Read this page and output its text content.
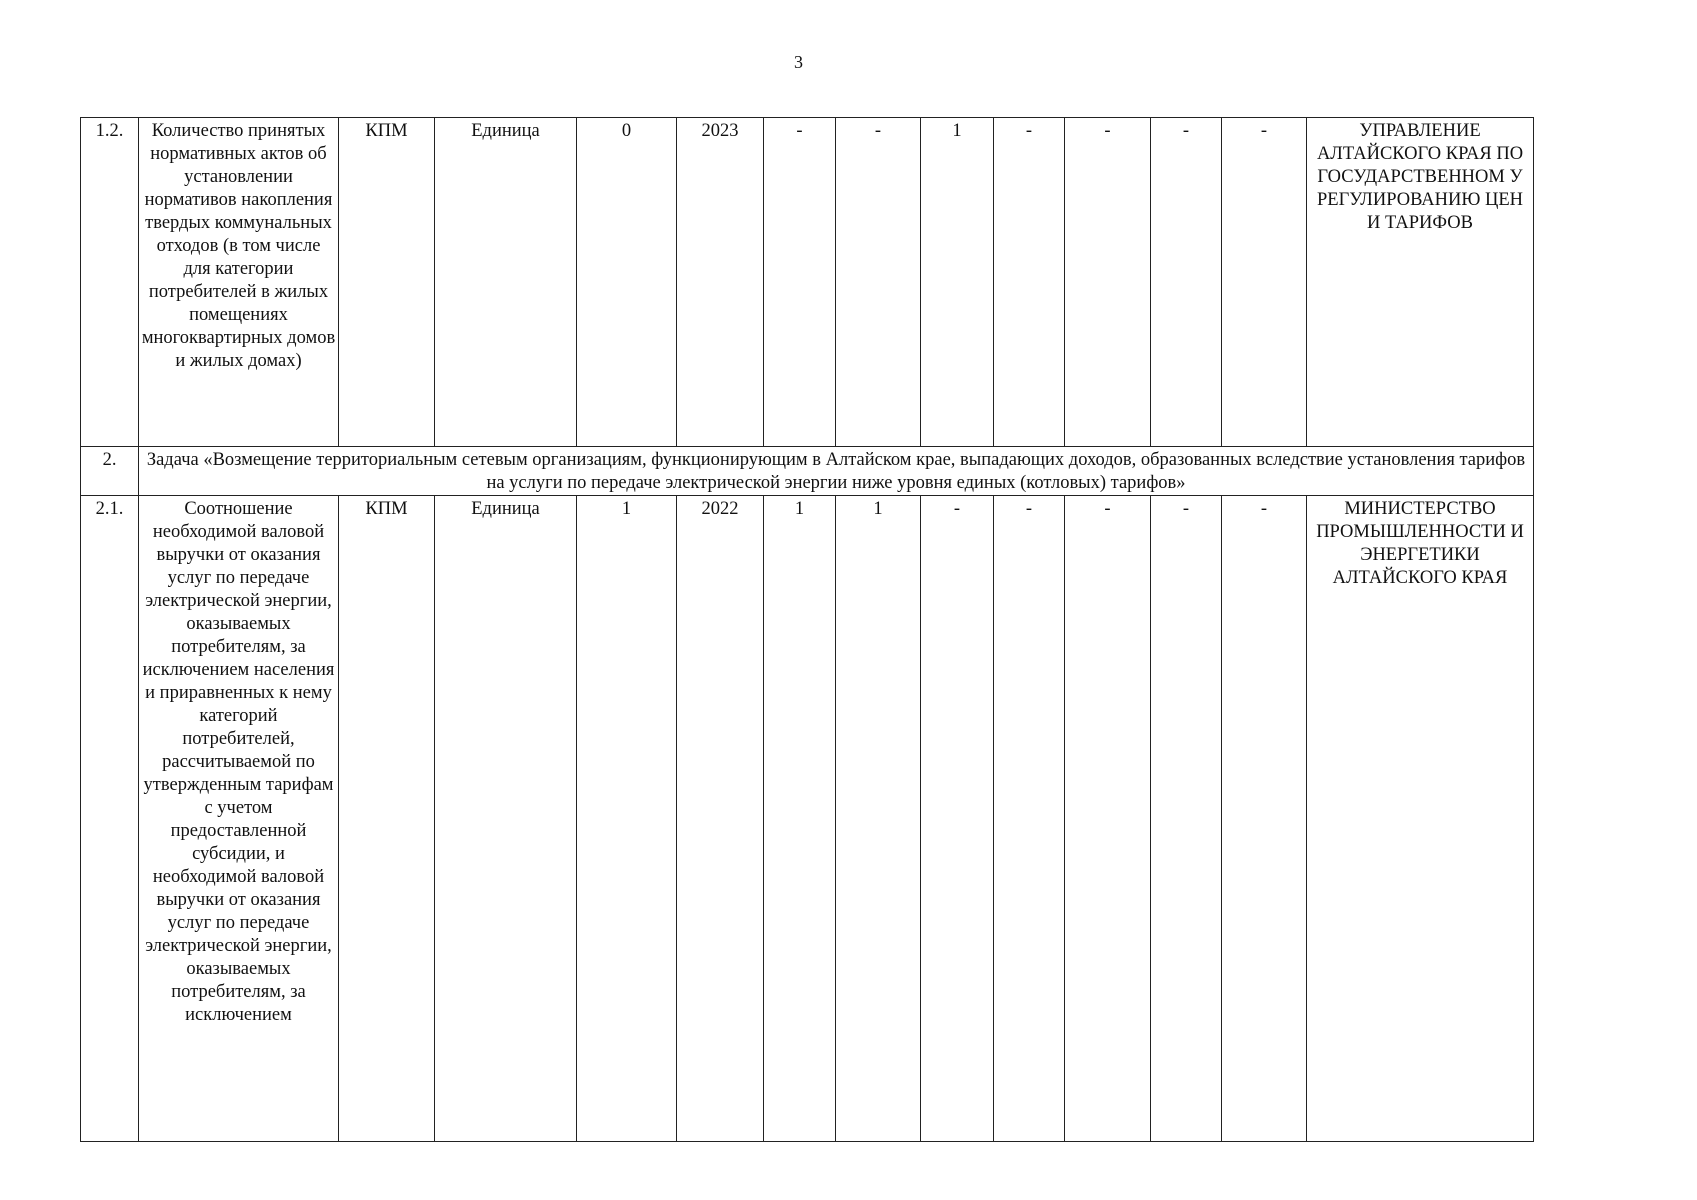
3
1.2.	Количество принятых нормативных актов об установлении нормативов накопления твердых коммунальных отходов (в том числе для категории потребителей в жилых помещениях многоквартирных домов и жилых домах)	КПМ	Единица	0	2023	-	-	1	-	-	-	-	УПРАВЛЕНИЕ АЛТАЙСКОГО КРАЯ ПО ГОСУДАРСТВЕННОМ У РЕГУЛИРОВАНИЮ ЦЕН И ТАРИФОВ
2.	Задача «Возмещение территориальным сетевым организациям, функционирующим в Алтайском крае, выпадающих доходов, образованных вследствие установления тарифов на услуги по передаче электрической энергии ниже уровня единых (котловых) тарифов»												
2.1.	Соотношение необходимой валовой выручки от оказания услуг по передаче электрической энергии, оказываемых потребителям, за исключением населения и приравненных к нему категорий потребителей, рассчитываемой по утвержденным тарифам с учетом предоставленной субсидии, и необходимой валовой выручки от оказания услуг по передаче электрической энергии, оказываемых потребителям, за исключением	КПМ	Единица	1	2022	1	1	-	-	-	-	-	МИНИСТЕРСТВО ПРОМЫШЛЕННОСТИ И ЭНЕРГЕТИКИ АЛТАЙСКОГО КРАЯ
